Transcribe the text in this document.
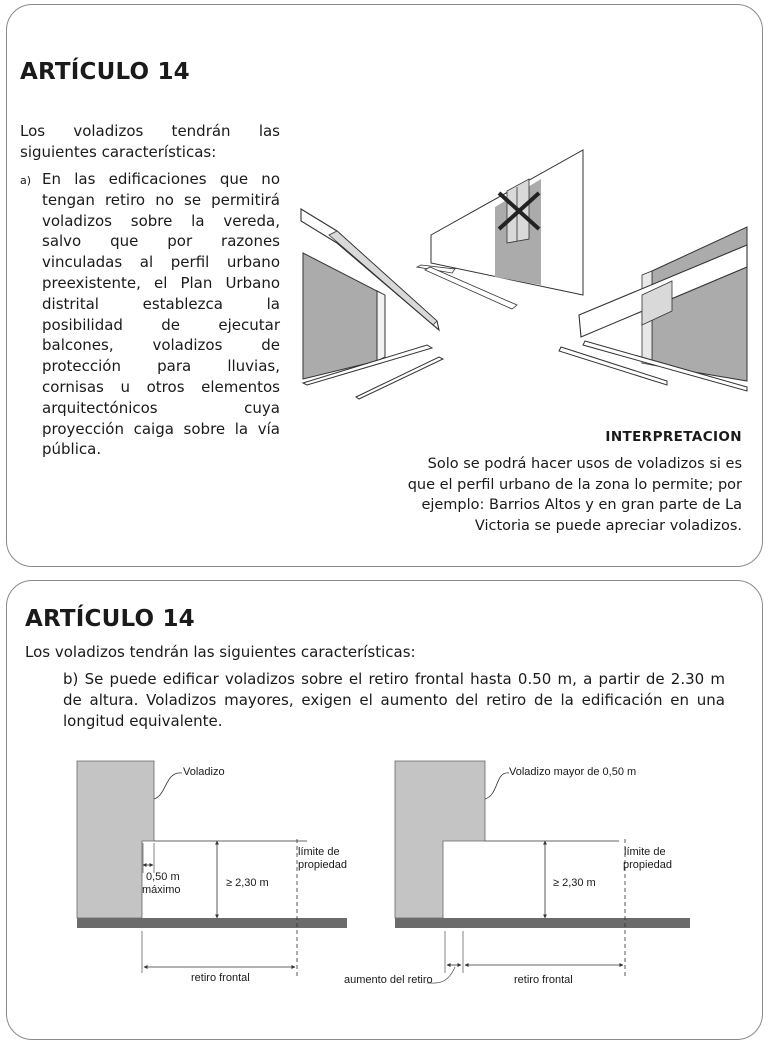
ARTÍCULO 14

Los voladizos tendrán las siguientes características:

a) En las edificaciones que no tengan retiro no se permitirá voladizos sobre la vereda, salvo que por razones vinculadas al perfil urbano preexistente, el Plan Urbano distrital establezca la posibilidad de ejecutar balcones, voladizos de protección para lluvias, cornisas u otros elementos arquitectónicos cuya proyección caiga sobre la vía pública.

INTERPRETACION

Solo se podrá hacer usos de voladizos si es que el perfil urbano de la zona lo permite; por ejemplo: Barrios Altos y en gran parte de La Victoria se puede apreciar voladizos.

ARTÍCULO 14

Los voladizos tendrán las siguientes características:

b) Se puede edificar voladizos sobre el retiro frontal hasta 0.50 m, a partir de 2.30 m de altura. Voladizos mayores, exigen el aumento del retiro de la edificación en una longitud equivalente.

Voladizo
0,50 m
máximo
≥ 2,30 m
límite de
propiedad
retiro frontal
Voladizo mayor de 0,50 m
≥ 2,30 m
límite de
propiedad
aumento del retiro	retiro frontal
